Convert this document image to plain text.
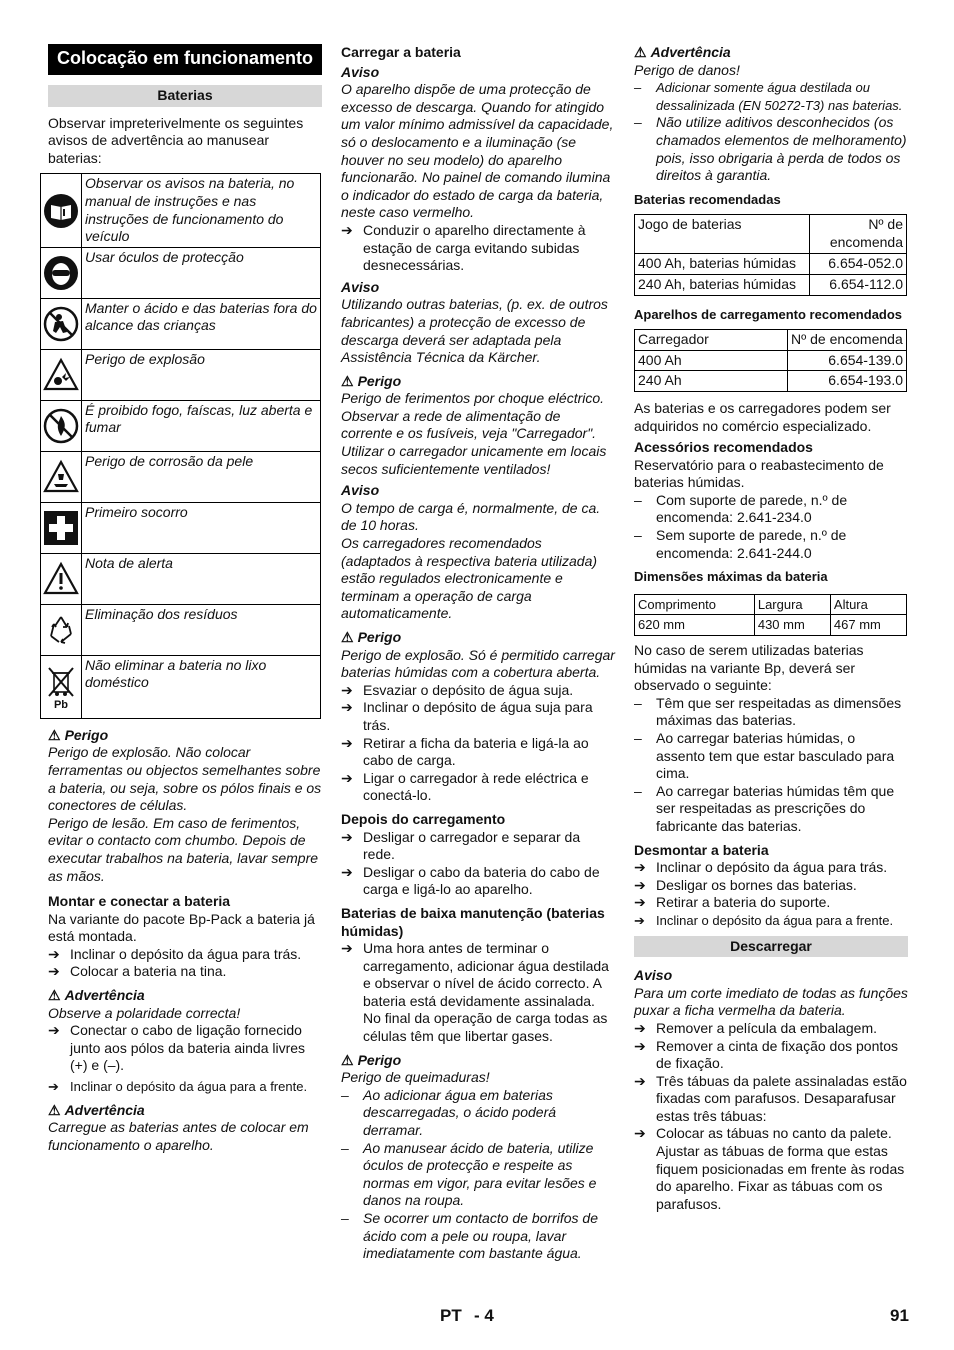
Colocação em funcionamento
Baterias

Observar impreterivelmente os seguintes avisos de advertência ao manusear baterias:

	Observar os avisos na bateria, no manual de instruções e nas instruções de funcionamento do veículo

	Usar óculos de protecção

	Manter o ácido e das baterias fora do alcance das crianças

	Perigo de explosão

	É proibido fogo, faíscas, luz aberta e fumar

	Perigo de corrosão da pele

	Primeiro socorro

	Nota de alerta

	Eliminação dos resíduos

Pb	Não eliminar a bateria no lixo doméstico
⚠ Perigo

Perigo de explosão. Não colocar ferramentas ou objectos semelhantes sobre a bateria, ou seja, sobre os pólos finais e os conectores de células.

Perigo de lesão. Em caso de ferimentos, evitar o contacto com chumbo. Depois de executar trabalhos na bateria, lavar sempre as mãos.

Montar e conectar a bateria

Na variante do pacote Bp-Pack a bateria já está montada.

➔ Inclinar o depósito da água para trás.
➔ Colocar a bateria na tina.
⚠ Advertência

Observe a polaridade correcta!

➔ Conectar o cabo de ligação fornecido junto aos pólos da bateria ainda livres (+) e (–).
➔ Inclinar o depósito da água para a frente.
⚠ Advertência

Carregue as baterias antes de colocar em funcionamento o aparelho.

Carregar a bateria
Aviso

O aparelho dispõe de uma protecção de excesso de descarga. Quando for atingido um valor mínimo admissível da capacidade, só o deslocamento e a iluminação (se houver no seu modelo) do aparelho funcionarão. No painel de comando ilumina o indicador do estado de carga da bateria, neste caso vermelho.

➔ Conduzir o aparelho directamente à estação de carga evitando subidas desnecessárias.
Aviso

Utilizando outras baterias, (p. ex. de outros fabricantes) a protecção de excesso de descarga deverá ser adaptada pela Assistência Técnica da Kärcher.

⚠ Perigo

Perigo de ferimentos por choque eléctrico. Observar a rede de alimentação de corrente e os fusíveis, veja "Carregador". Utilizar o carregador unicamente em locais secos suficientemente ventilados!

Aviso

O tempo de carga é, normalmente, de ca. de 10 horas.

Os carregadores recomendados (adaptados à respectiva bateria utilizada) estão regulados electronicamente e terminam a operação de carga automaticamente.

⚠ Perigo

Perigo de explosão. Só é permitido carregar baterias húmidas com a cobertura aberta.

➔ Esvaziar o depósito de água suja.
➔ Inclinar o depósito de água suja para trás.
➔ Retirar a ficha da bateria e ligá-la ao cabo de carga.
➔ Ligar o carregador à rede eléctrica e conectá-lo.
Depois do carregamento
➔ Desligar o carregador e separar da rede.
➔ Desligar o cabo da bateria do cabo de carga e ligá-lo ao aparelho.
Baterias de baixa manutenção (baterias húmidas)
➔ Uma hora antes de terminar o carregamento, adicionar água destilada e observar o nível de ácido correcto. A bateria está devidamente assinalada. No final da operação de carga todas as células têm que libertar gases.
⚠ Perigo

Perigo de queimaduras!

–	Ao adicionar água em baterias descarregadas, o ácido poderá derramar.
–	Ao manusear ácido de bateria, utilize óculos de protecção e respeite as normas em vigor, para evitar lesões e danos na roupa.
–	Se ocorrer um contacto de borrifos de ácido com a pele ou roupa, lavar imediatamente com bastante água.
⚠ Advertência

Perigo de danos!

–	Adicionar somente água destilada ou dessalinizada (EN 50272-T3) nas baterias.
–	Não utilize aditivos desconhecidos (os chamados elementos de melhoramento) pois, isso obrigaria à perda de todos os direitos à garantia.
Baterias recomendadas
Jogo de baterias	Nº de encomenda
400 Ah, baterias húmidas	6.654-052.0
240 Ah, baterias húmidas	6.654-112.0
Aparelhos de carregamento recomendados
Carregador	Nº de encomenda
400 Ah	6.654-139.0
240 Ah	6.654-193.0

As baterias e os carregadores podem ser adquiridos no comércio especializado.

Acessórios recomendados

Reservatório para o reabastecimento de baterias húmidas.

–	Com suporte de parede, n.º de encomenda: 2.641-234.0
–	Sem suporte de parede, n.º de encomenda: 2.641-244.0
Dimensões máximas da bateria
Comprimento	Largura	Altura
620 mm	430 mm	467 mm

No caso de serem utilizadas baterias húmidas na variante Bp, deverá ser observado o seguinte:

–	Têm que ser respeitadas as dimensões máximas das baterias.
–	Ao carregar baterias húmidas, o assento tem que estar basculado para cima.
–	Ao carregar baterias húmidas têm que ser respeitadas as prescrições do fabricante das baterias.
Desmontar a bateria
➔ Inclinar o depósito da água para trás.
➔ Desligar os bornes das baterias.
➔ Retirar a bateria do suporte.
➔ Inclinar o depósito da água para a frente.
Descarregar
Aviso

Para um corte imediato de todas as funções puxar a ficha vermelha da bateria.

➔ Remover a película da embalagem.
➔ Remover a cinta de fixação dos pontos de fixação.
➔ Três tábuas da palete assinaladas estão fixadas com parafusos. Desaparafusar estas três tábuas:
➔ Colocar as tábuas no canto da palete. Ajustar as tábuas de forma que estas fiquem posicionadas em frente às rodas do aparelho. Fixar as tábuas com os parafusos.
PT - 4	91
